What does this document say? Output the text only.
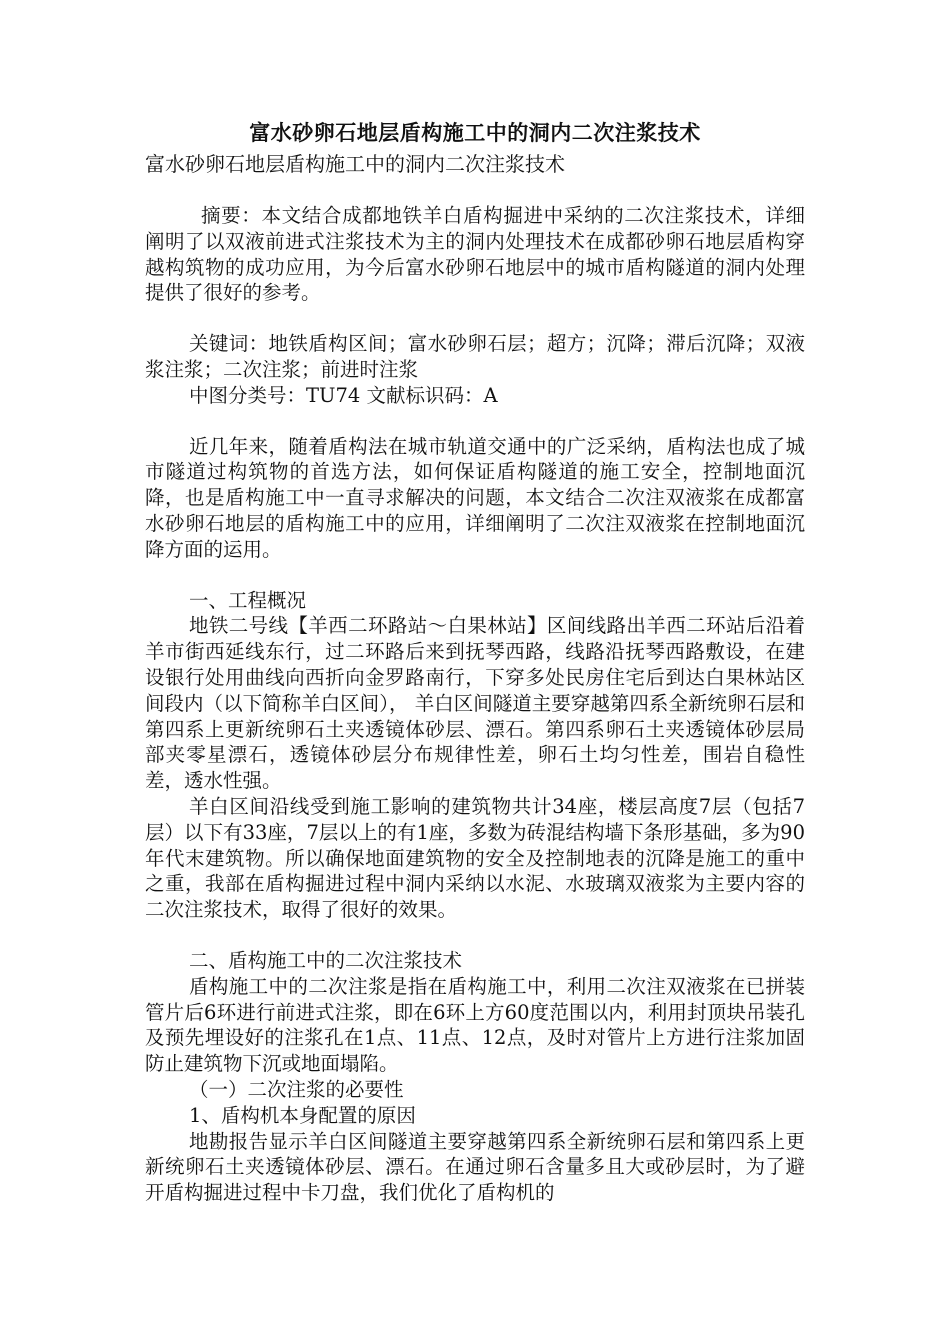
富水砂卵石地层盾构施工中的洞内二次注浆技术

富水砂卵石地层盾构施工中的洞内二次注浆技术

摘要：本文结合成都地铁羊白盾构掘进中采纳的二次注浆技术，详细阐明了以双液前进式注浆技术为主的洞内处理技术在成都砂卵石地层盾构穿越构筑物的成功应用，为今后富水砂卵石地层中的城市盾构隧道的洞内处理提供了很好的参考。

关键词：地铁盾构区间；富水砂卵石层；超方；沉降；滞后沉降；双液浆注浆；二次注浆；前进时注浆

中图分类号：TU74 文献标识码：A

近几年来，随着盾构法在城市轨道交通中的广泛采纳，盾构法也成了城市隧道过构筑物的首选方法，如何保证盾构隧道的施工安全，控制地面沉降，也是盾构施工中一直寻求解决的问题，本文结合二次注双液浆在成都富水砂卵石地层的盾构施工中的应用，详细阐明了二次注双液浆在控制地面沉降方面的运用。

一、工程概况

地铁二号线【羊西二环路站～白果林站】区间线路出羊西二环站后沿着羊市街西延线东行，过二环路后来到抚琴西路，线路沿抚琴西路敷设，在建设银行处用曲线向西折向金罗路南行，下穿多处民房住宅后到达白果林站区间段内（以下简称羊白区间）， 羊白区间隧道主要穿越第四系全新统卵石层和第四系上更新统卵石土夹透镜体砂层、漂石。第四系卵石土夹透镜体砂层局部夹零星漂石，透镜体砂层分布规律性差，卵石土均匀性差，围岩自稳性差，透水性强。

羊白区间沿线受到施工影响的建筑物共计34座，楼层高度7层（包括7层）以下有33座，7层以上的有1座，多数为砖混结构墙下条形基础，多为90年代末建筑物。所以确保地面建筑物的安全及控制地表的沉降是施工的重中之重，我部在盾构掘进过程中洞内采纳以水泥、水玻璃双液浆为主要内容的二次注浆技术，取得了很好的效果。

二、盾构施工中的二次注浆技术

盾构施工中的二次注浆是指在盾构施工中，利用二次注双液浆在已拼装管片后6环进行前进式注浆，即在6环上方60度范围以内，利用封顶块吊装孔及预先埋设好的注浆孔在1点、11点、12点，及时对管片上方进行注浆加固防止建筑物下沉或地面塌陷。

（一）二次注浆的必要性

1、盾构机本身配置的原因

地勘报告显示羊白区间隧道主要穿越第四系全新统卵石层和第四系上更新统卵石土夹透镜体砂层、漂石。在通过卵石含量多且大或砂层时，为了避开盾构掘进过程中卡刀盘，我们优化了盾构机的
